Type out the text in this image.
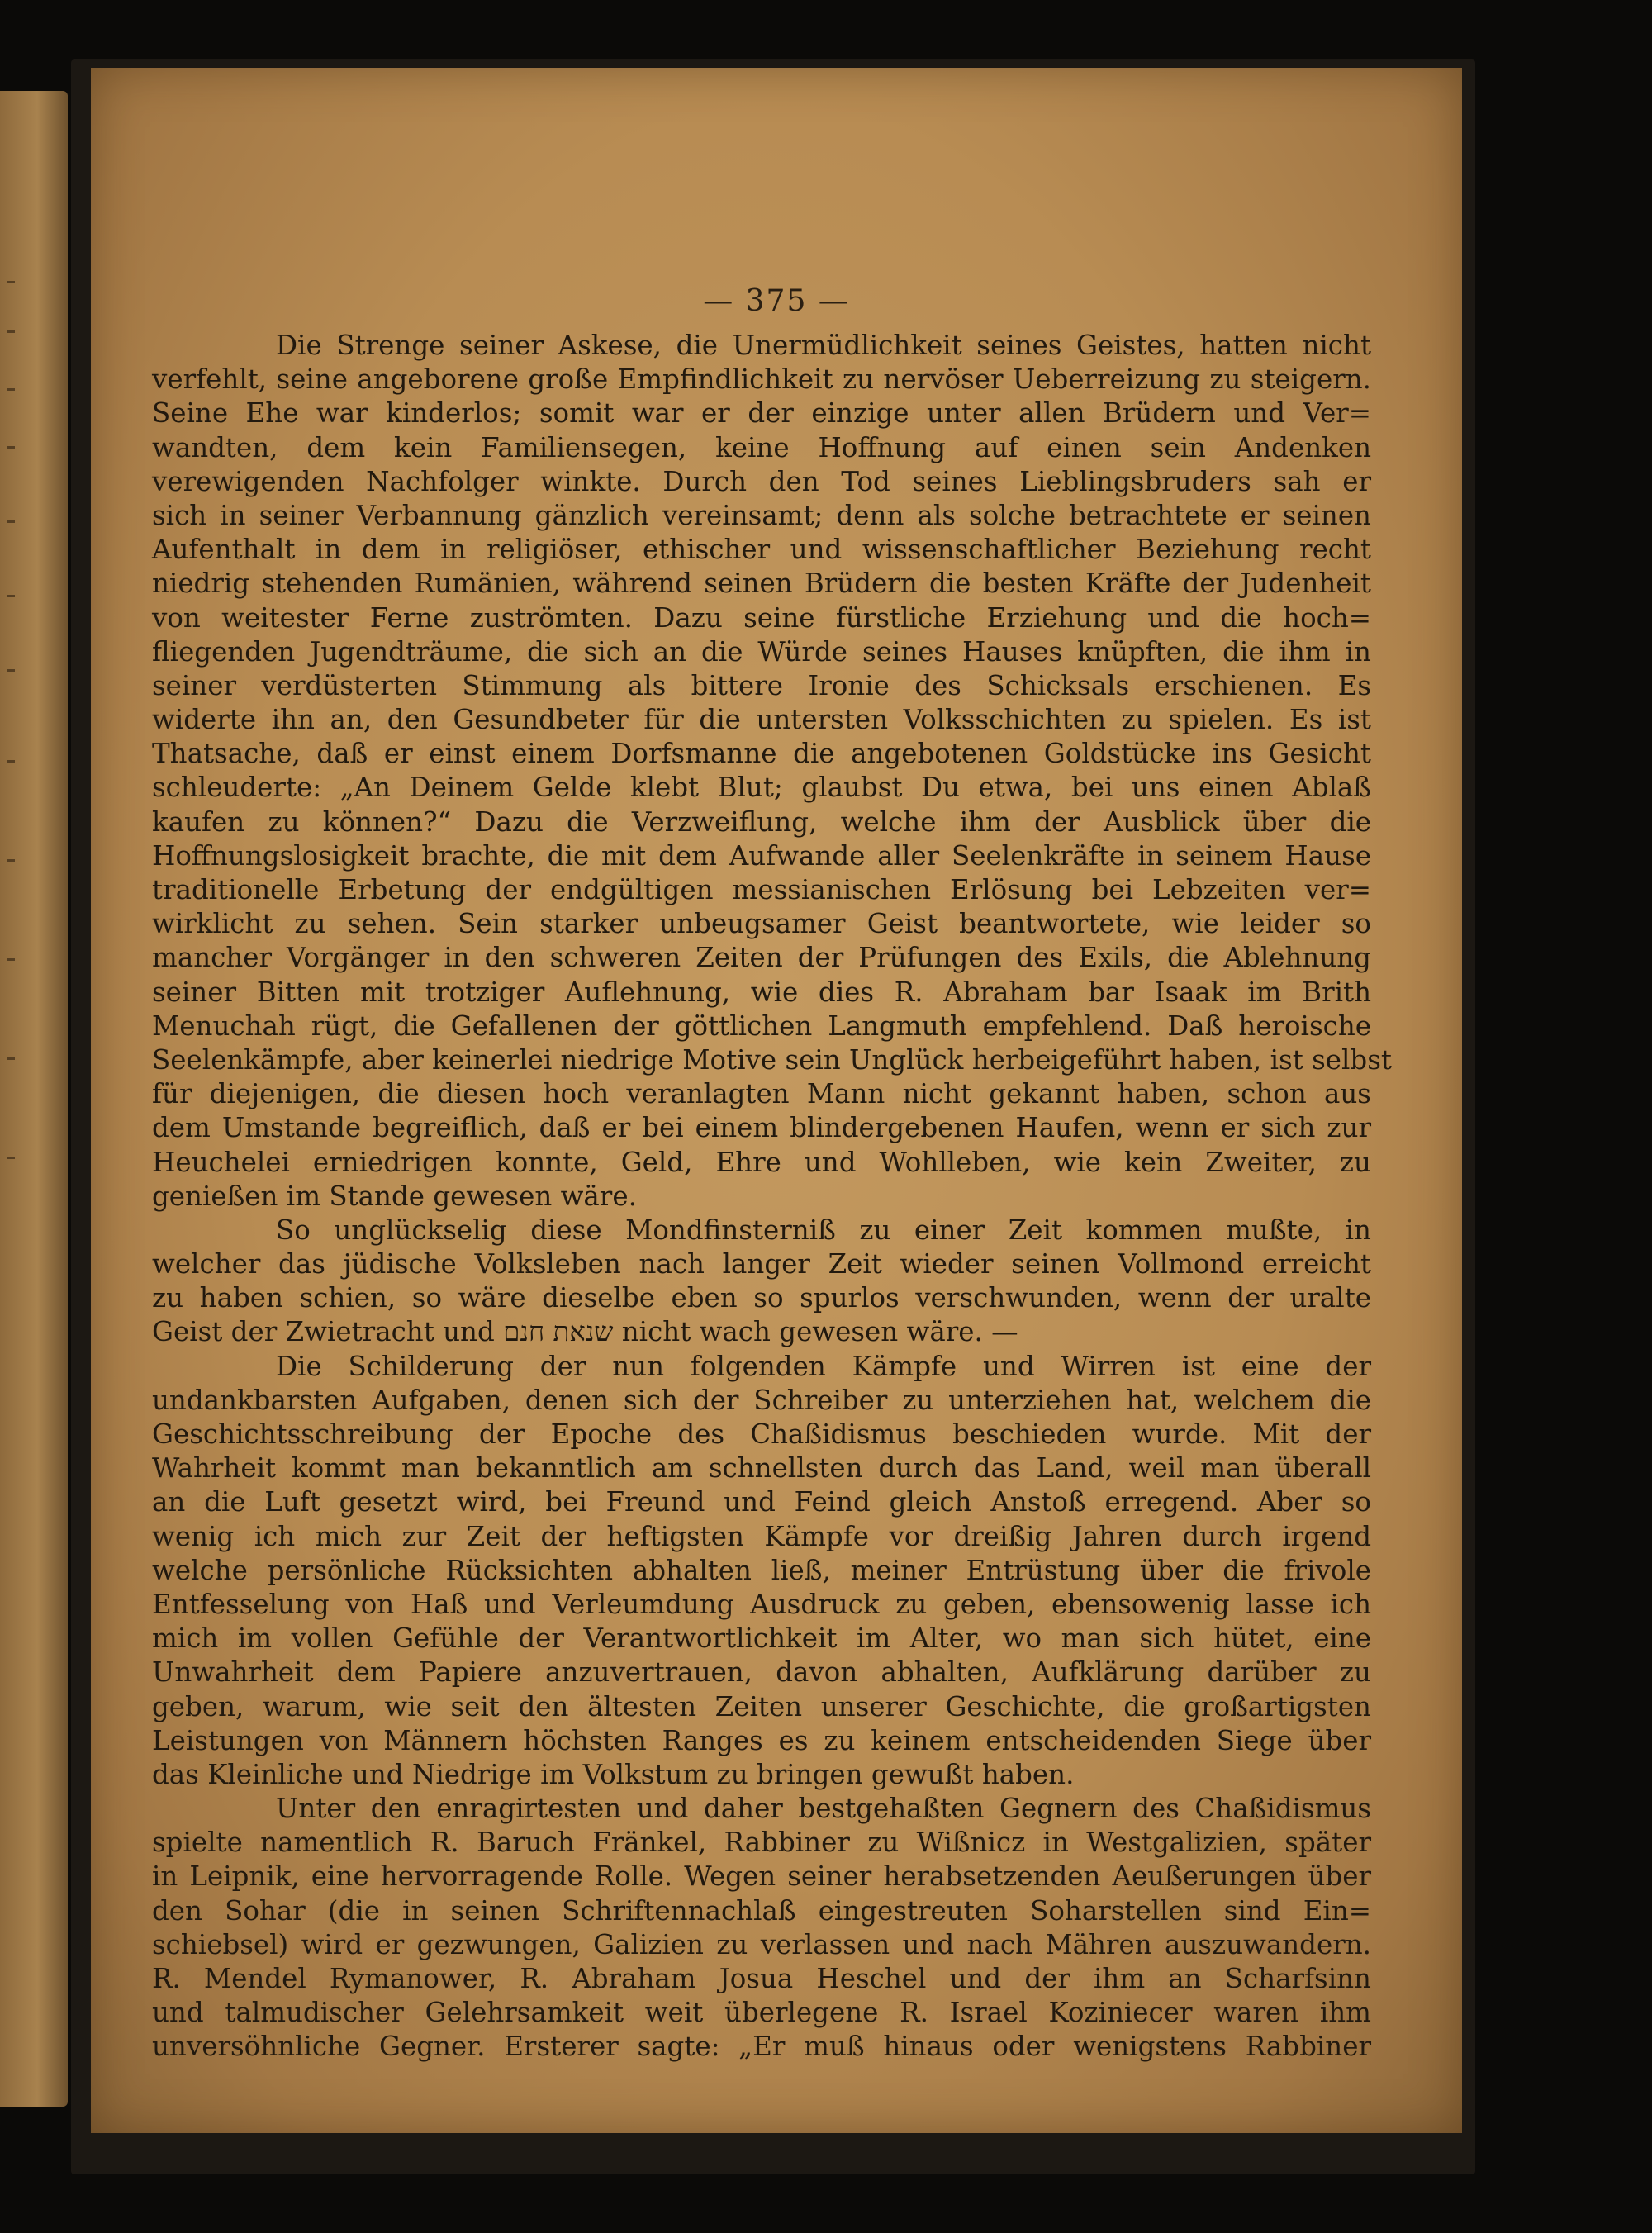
— 375 —
Die Strenge seiner Askese, die Unermüdlichkeit seines Geistes, hatten nicht
verfehlt, seine angeborene große Empfindlichkeit zu nervöser Ueberreizung zu steigern.
Seine Ehe war kinderlos; somit war er der einzige unter allen Brüdern und Ver=
wandten, dem kein Familiensegen, keine Hoffnung auf einen sein Andenken
verewigenden Nachfolger winkte. Durch den Tod seines Lieblingsbruders sah er
sich in seiner Verbannung gänzlich vereinsamt; denn als solche betrachtete er seinen
Aufenthalt in dem in religiöser, ethischer und wissenschaftlicher Beziehung recht
niedrig stehenden Rumänien, während seinen Brüdern die besten Kräfte der Judenheit
von weitester Ferne zuströmten. Dazu seine fürstliche Erziehung und die hoch=
fliegenden Jugendträume, die sich an die Würde seines Hauses knüpften, die ihm in
seiner verdüsterten Stimmung als bittere Ironie des Schicksals erschienen. Es
widerte ihn an, den Gesundbeter für die untersten Volksschichten zu spielen. Es ist
Thatsache, daß er einst einem Dorfsmanne die angebotenen Goldstücke ins Gesicht
schleuderte: „An Deinem Gelde klebt Blut; glaubst Du etwa, bei uns einen Ablaß
kaufen zu können?“ Dazu die Verzweiflung, welche ihm der Ausblick über die
Hoffnungslosigkeit brachte, die mit dem Aufwande aller Seelenkräfte in seinem Hause
traditionelle Erbetung der endgültigen messianischen Erlösung bei Lebzeiten ver=
wirklicht zu sehen. Sein starker unbeugsamer Geist beantwortete, wie leider so
mancher Vorgänger in den schweren Zeiten der Prüfungen des Exils, die Ablehnung
seiner Bitten mit trotziger Auflehnung, wie dies R. Abraham bar Isaak im Brith
Menuchah rügt, die Gefallenen der göttlichen Langmuth empfehlend. Daß heroische
Seelenkämpfe, aber keinerlei niedrige Motive sein Unglück herbeigeführt haben, ist selbst
für diejenigen, die diesen hoch veranlagten Mann nicht gekannt haben, schon aus
dem Umstande begreiflich, daß er bei einem blindergebenen Haufen, wenn er sich zur
Heuchelei erniedrigen konnte, Geld, Ehre und Wohlleben, wie kein Zweiter, zu
genießen im Stande gewesen wäre.
So unglückselig diese Mondfinsterniß zu einer Zeit kommen mußte, in
welcher das jüdische Volksleben nach langer Zeit wieder seinen Vollmond erreicht
zu haben schien, so wäre dieselbe eben so spurlos verschwunden, wenn der uralte
Geist der Zwietracht und שנאת חנם nicht wach gewesen wäre. —
Die Schilderung der nun folgenden Kämpfe und Wirren ist eine der
undankbarsten Aufgaben, denen sich der Schreiber zu unterziehen hat, welchem die
Geschichtsschreibung der Epoche des Chaßidismus beschieden wurde. Mit der
Wahrheit kommt man bekanntlich am schnellsten durch das Land, weil man überall
an die Luft gesetzt wird, bei Freund und Feind gleich Anstoß erregend. Aber so
wenig ich mich zur Zeit der heftigsten Kämpfe vor dreißig Jahren durch irgend
welche persönliche Rücksichten abhalten ließ, meiner Entrüstung über die frivole
Entfesselung von Haß und Verleumdung Ausdruck zu geben, ebensowenig lasse ich
mich im vollen Gefühle der Verantwortlichkeit im Alter, wo man sich hütet, eine
Unwahrheit dem Papiere anzuvertrauen, davon abhalten, Aufklärung darüber zu
geben, warum, wie seit den ältesten Zeiten unserer Geschichte, die großartigsten
Leistungen von Männern höchsten Ranges es zu keinem entscheidenden Siege über
das Kleinliche und Niedrige im Volkstum zu bringen gewußt haben.
Unter den enragirtesten und daher bestgehaßten Gegnern des Chaßidismus
spielte namentlich R. Baruch Fränkel, Rabbiner zu Wißnicz in Westgalizien, später
in Leipnik, eine hervorragende Rolle. Wegen seiner herabsetzenden Aeußerungen über
den Sohar (die in seinen Schriftennachlaß eingestreuten Soharstellen sind Ein=
schiebsel) wird er gezwungen, Galizien zu verlassen und nach Mähren auszuwandern.
R. Mendel Rymanower, R. Abraham Josua Heschel und der ihm an Scharfsinn
und talmudischer Gelehrsamkeit weit überlegene R. Israel Koziniecer waren ihm
unversöhnliche Gegner. Ersterer sagte: „Er muß hinaus oder wenigstens Rabbiner
